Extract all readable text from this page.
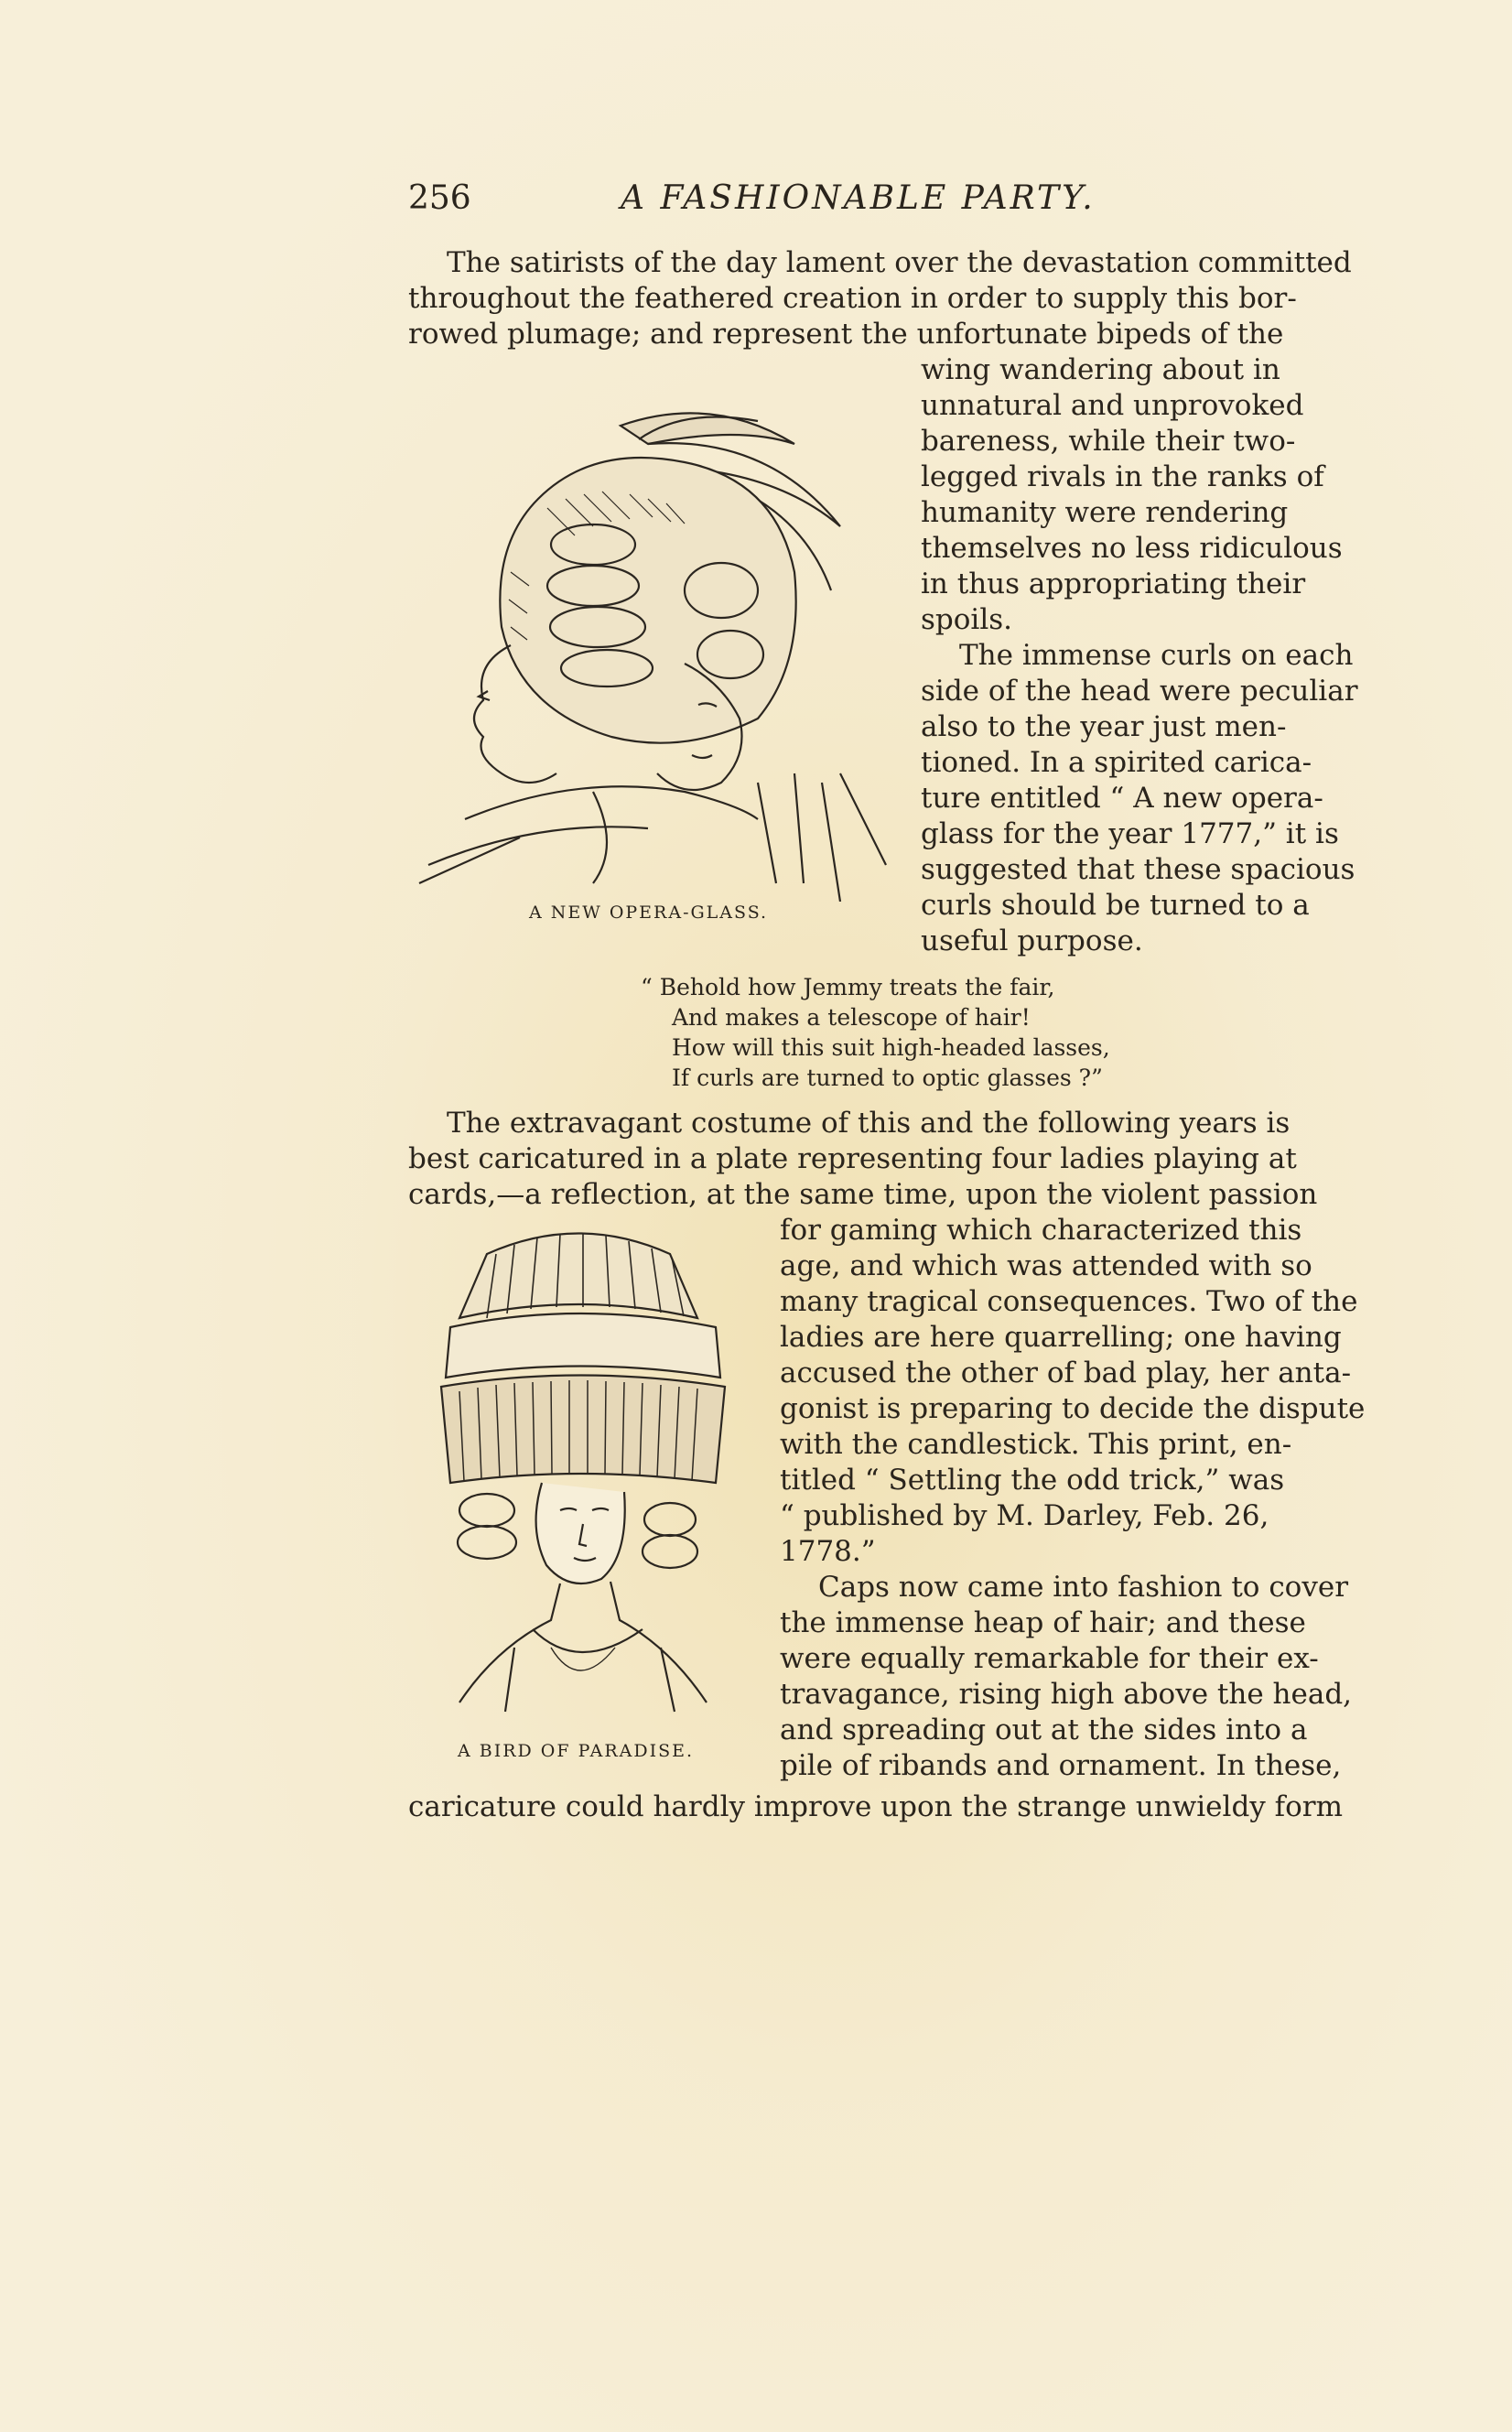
256	A FASHIONABLE PARTY.
The satirists of the day lament over the devastation committed
throughout the feathered creation in order to supply this bor-
rowed plumage; and represent the unfortunate bipeds of the
A NEW OPERA-GLASS.
wing wandering about in
unnatural and unprovoked
bareness, while their two-
legged rivals in the ranks of
humanity were rendering
themselves no less ridiculous
in thus appropriating their
spoils.
The immense curls on each
side of the head were peculiar
also to the year just men-
tioned. In a spirited carica-
ture entitled “ A new opera-
glass for the year 1777,” it is
suggested that these spacious
curls should be turned to a
useful purpose.
“ Behold how Jemmy treats the fair,
And makes a telescope of hair!
How will this suit high-headed lasses,
If curls are turned to optic glasses ?”
The extravagant costume of this and the following years is
best caricatured in a plate representing four ladies playing at
cards,—a reflection, at the same time, upon the violent passion
A BIRD OF PARADISE.
for gaming which characterized this
age, and which was attended with so
many tragical consequences. Two of the
ladies are here quarrelling; one having
accused the other of bad play, her anta-
gonist is preparing to decide the dispute
with the candlestick. This print, en-
titled “ Settling the odd trick,” was
“ published by M. Darley, Feb. 26,
1778.”
Caps now came into fashion to cover
the immense heap of hair; and these
were equally remarkable for their ex-
travagance, rising high above the head,
and spreading out at the sides into a
pile of ribands and ornament. In these,
caricature could hardly improve upon the strange unwieldy form
